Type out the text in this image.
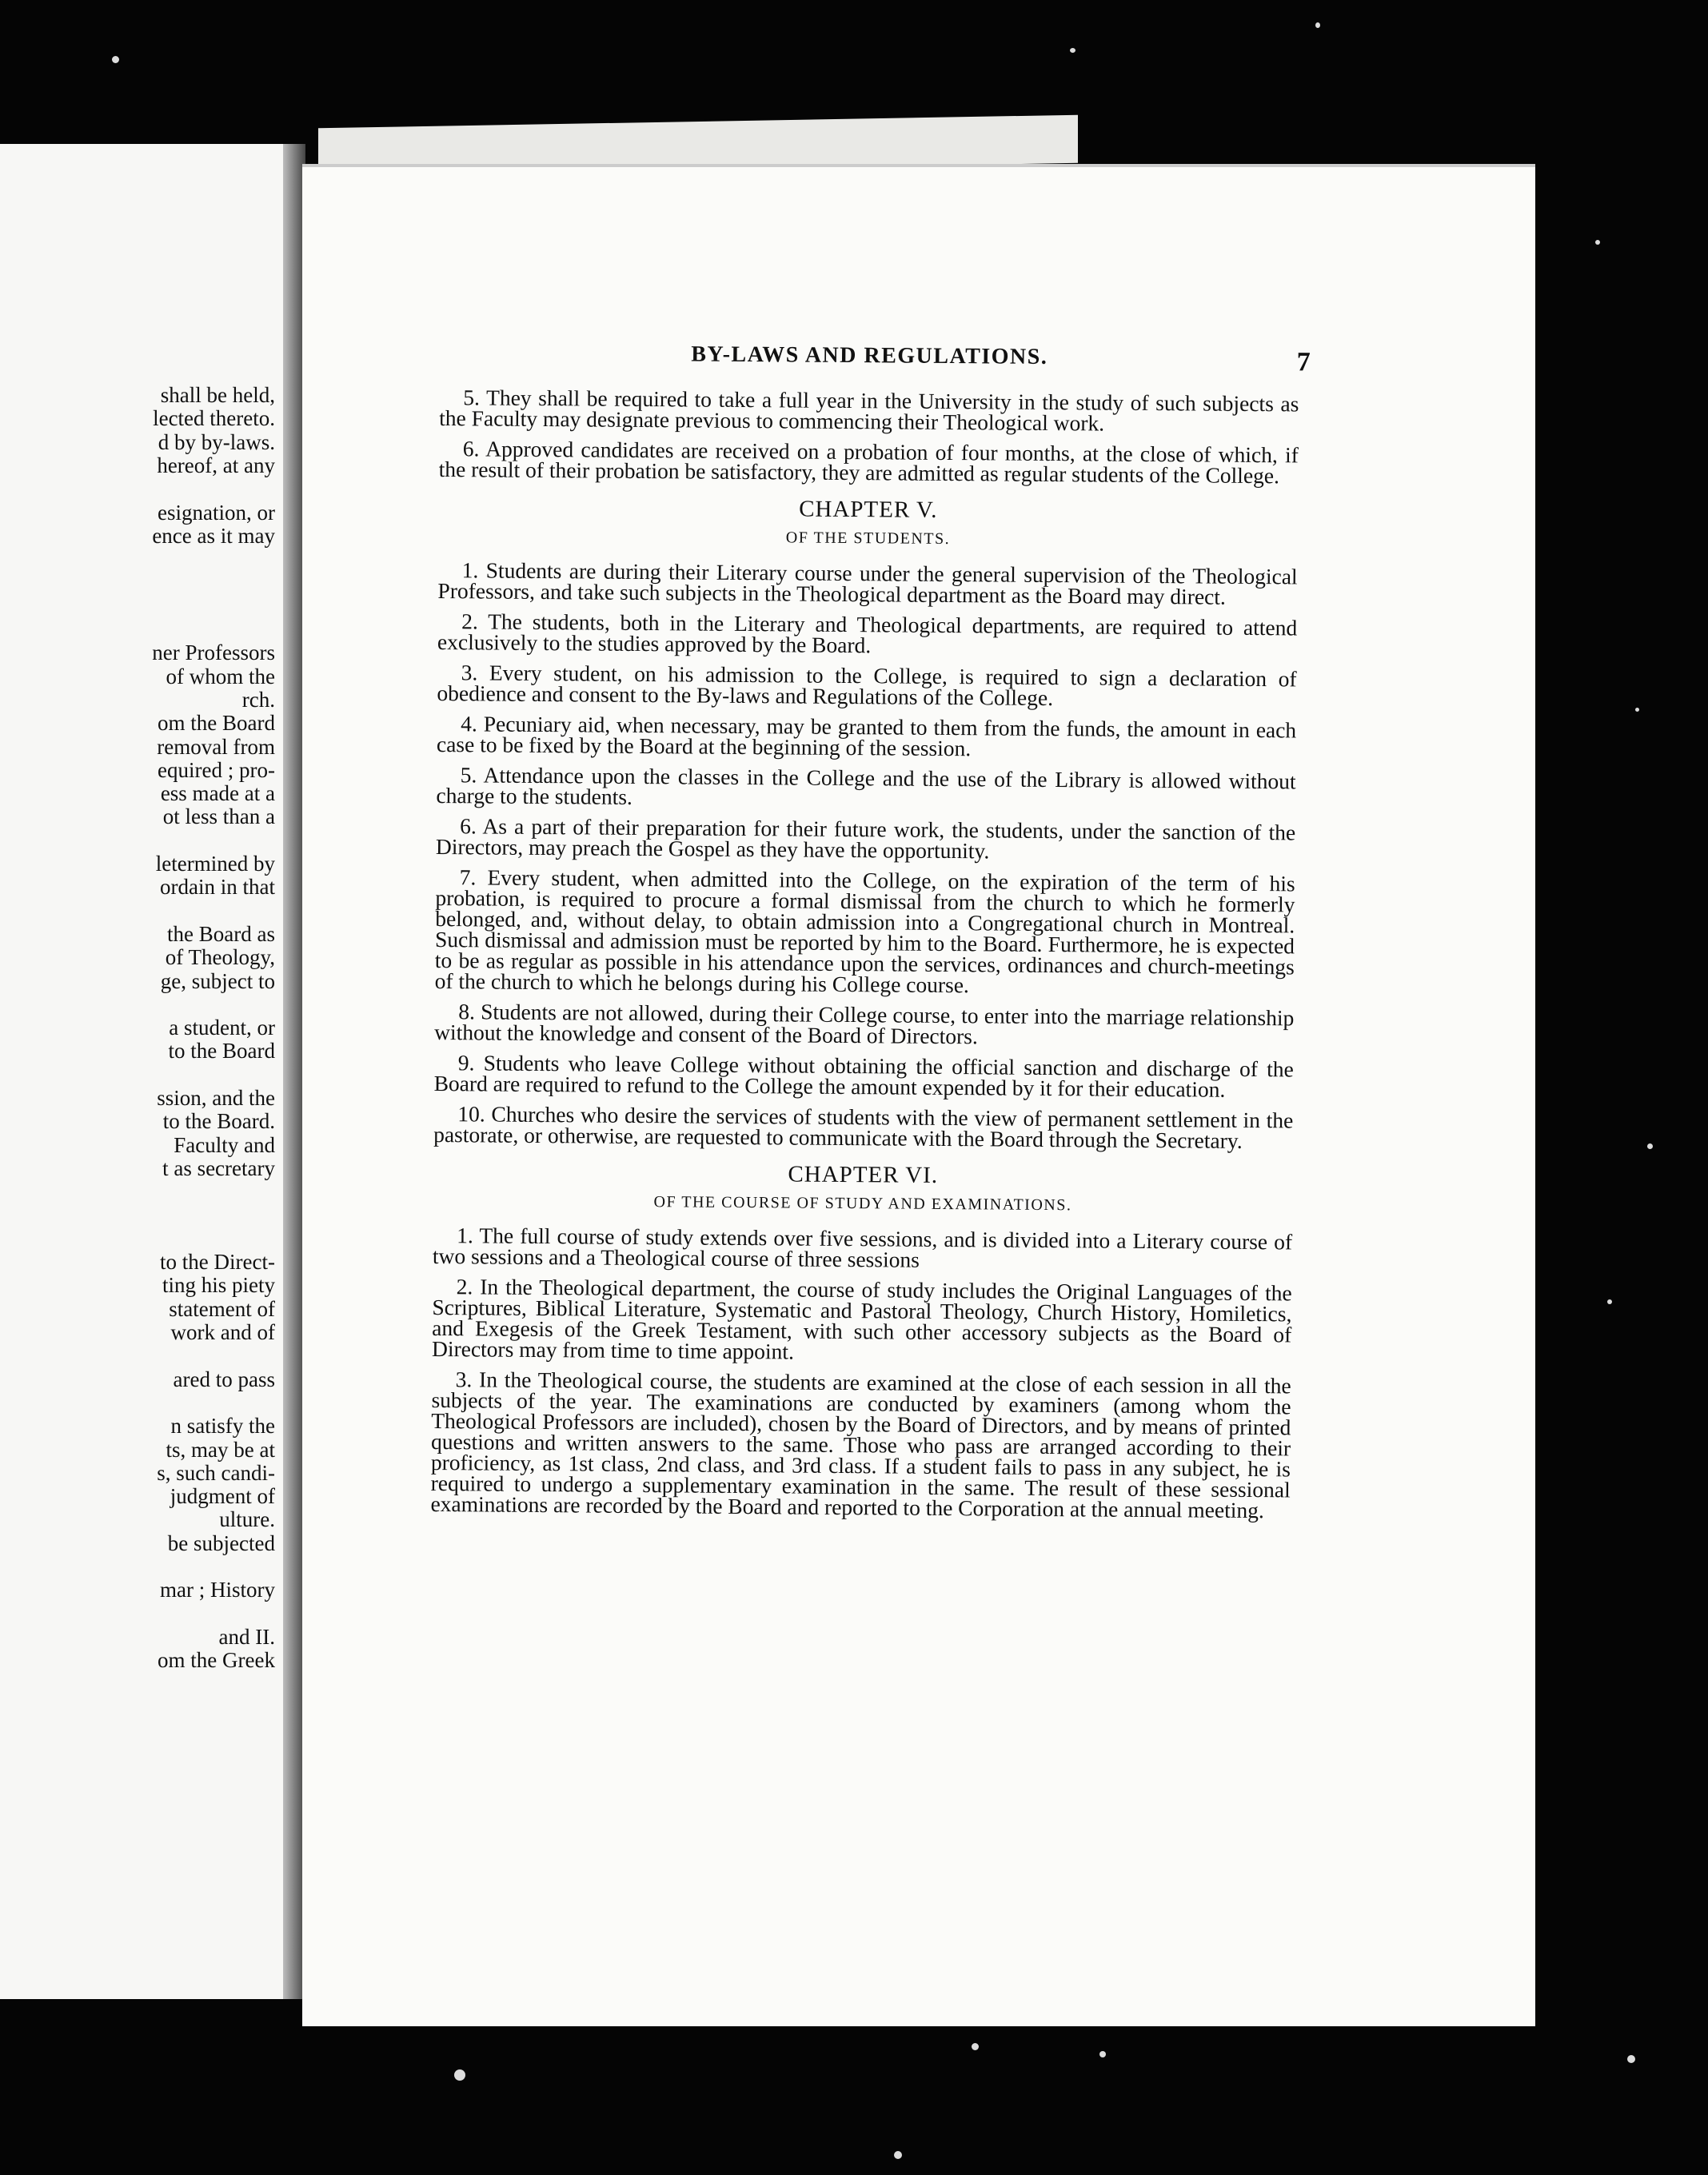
shall be held,
lected thereto.
d by by-laws.
hereof, at any
esignation, or
ence as it may
ner Professors
of whom the
rch.
om the Board
removal from
equired ; pro-
ess made at a
ot less than a
letermined by
ordain in that
the Board as
of Theology,
ge, subject to
a student, or
to the Board
ssion, and the
to the Board.
Faculty and
t as secretary
to the Direct-
ting his piety
statement of
work and of
ared to pass
n satisfy the
ts, may be at
s, such candi-
judgment of
ulture.
be subjected
mar ; History
and II.
om the Greek
BY-LAWS AND REGULATIONS.	7

5. They shall be required to take a full year in the University in the study of such subjects as the Faculty may designate previous to commencing their Theological work.

6. Approved candidates are received on a probation of four months, at the close of which, if the result of their probation be satisfactory, they are admitted as regular students of the College.

CHAPTER V.
OF THE STUDENTS.

1. Students are during their Literary course under the general supervision of the Theological Professors, and take such subjects in the Theological department as the Board may direct.

2. The students, both in the Literary and Theological departments, are required to attend exclusively to the studies approved by the Board.

3. Every student, on his admission to the College, is required to sign a declaration of obedience and consent to the By-laws and Regulations of the College.

4. Pecuniary aid, when necessary, may be granted to them from the funds, the amount in each case to be fixed by the Board at the beginning of the session.

5. Attendance upon the classes in the College and the use of the Library is allowed without charge to the students.

6. As a part of their preparation for their future work, the students, under the sanction of the Directors, may preach the Gospel as they have the opportunity.

7. Every student, when admitted into the College, on the expiration of the term of his probation, is required to procure a formal dismissal from the church to which he formerly belonged, and, without delay, to obtain admission into a Congregational church in Montreal. Such dismissal and admission must be reported by him to the Board. Furthermore, he is expected to be as regular as possible in his attendance upon the services, ordinances and church-meetings of the church to which he belongs during his College course.

8. Students are not allowed, during their College course, to enter into the marriage relationship without the knowledge and consent of the Board of Directors.

9. Students who leave College without obtaining the official sanction and discharge of the Board are required to refund to the College the amount expended by it for their education.

10. Churches who desire the services of students with the view of permanent settlement in the pastorate, or otherwise, are requested to communicate with the Board through the Secretary.

CHAPTER VI.
OF THE COURSE OF STUDY AND EXAMINATIONS.

1. The full course of study extends over five sessions, and is divided into a Literary course of two sessions and a Theological course of three sessions

2. In the Theological department, the course of study includes the Original Languages of the Scriptures, Biblical Literature, Systematic and Pastoral Theology, Church History, Homiletics, and Exegesis of the Greek Testament, with such other accessory subjects as the Board of Directors may from time to time appoint.

3. In the Theological course, the students are examined at the close of each session in all the subjects of the year. The examinations are conducted by examiners (among whom the Theological Professors are included), chosen by the Board of Directors, and by means of printed questions and written answers to the same. Those who pass are arranged according to their proficiency, as 1st class, 2nd class, and 3rd class. If a student fails to pass in any subject, he is required to undergo a supplementary examination in the same. The result of these sessional examinations are recorded by the Board and reported to the Corporation at the annual meeting.
